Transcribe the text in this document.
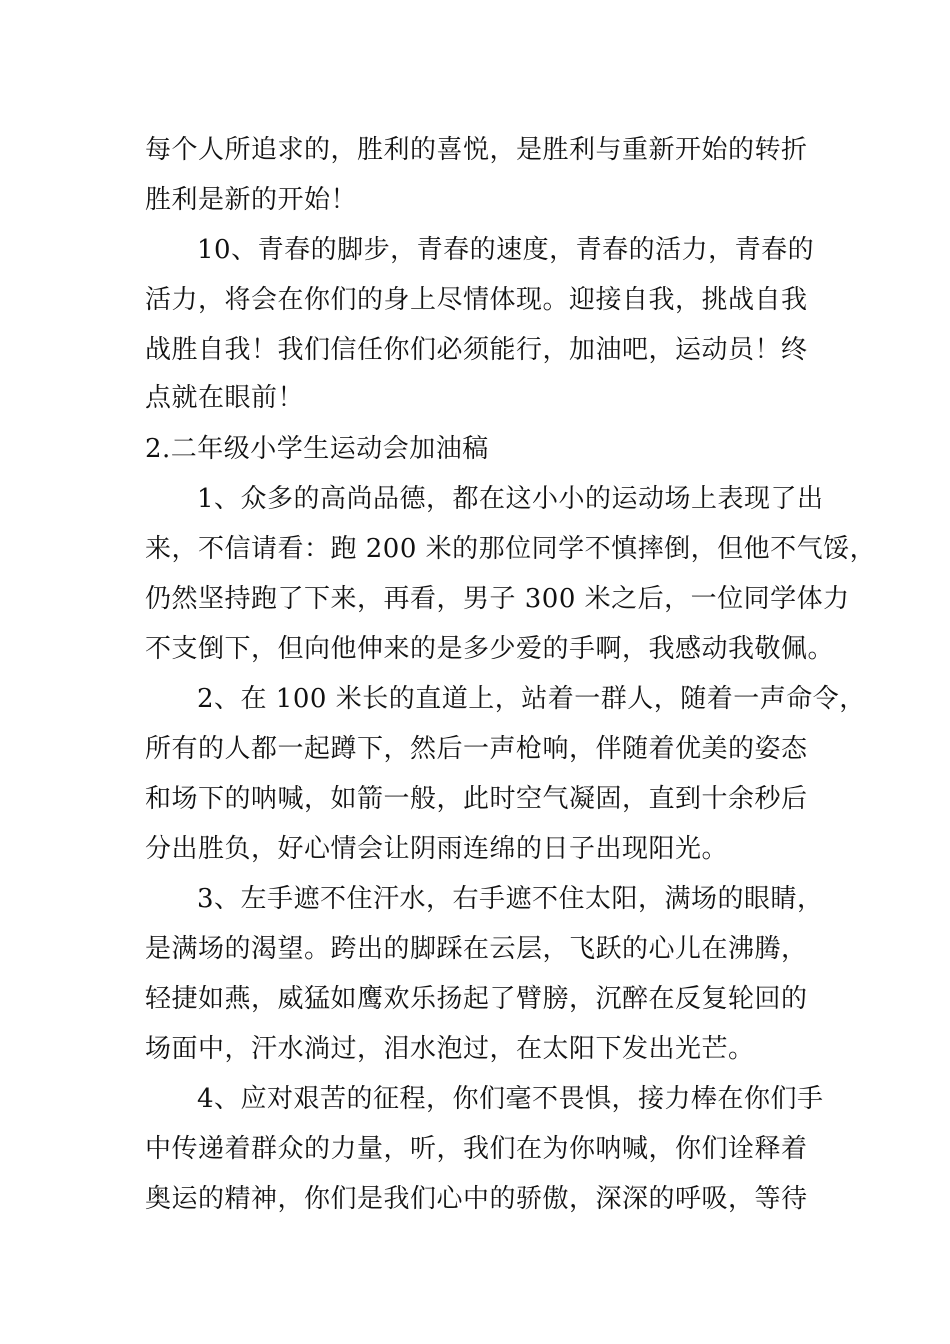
每个人所追求的，胜利的喜悦，是胜利与重新开始的转折
胜利是新的开始！
10、青春的脚步，青春的速度，青春的活力，青春的
活力，将会在你们的身上尽情体现。迎接自我，挑战自我
战胜自我！我们信任你们必须能行，加油吧，运动员！终
点就在眼前！
2.二年级小学生运动会加油稿
1、众多的高尚品德，都在这小小的运动场上表现了出
来，不信请看：跑 200 米的那位同学不慎摔倒，但他不气馁，
仍然坚持跑了下来，再看，男子 300 米之后，一位同学体力
不支倒下，但向他伸来的是多少爱的手啊，我感动我敬佩。
2、在 100 米长的直道上，站着一群人，随着一声命令，
所有的人都一起蹲下，然后一声枪响，伴随着优美的姿态
和场下的呐喊，如箭一般，此时空气凝固，直到十余秒后
分出胜负，好心情会让阴雨连绵的日子出现阳光。
3、左手遮不住汗水，右手遮不住太阳，满场的眼睛，
是满场的渴望。跨出的脚踩在云层，飞跃的心儿在沸腾，
轻捷如燕，威猛如鹰欢乐扬起了臂膀，沉醉在反复轮回的
场面中，汗水淌过，泪水泡过，在太阳下发出光芒。
4、应对艰苦的征程，你们毫不畏惧，接力棒在你们手
中传递着群众的力量，听，我们在为你呐喊，你们诠释着
奥运的精神，你们是我们心中的骄傲，深深的呼吸，等待
